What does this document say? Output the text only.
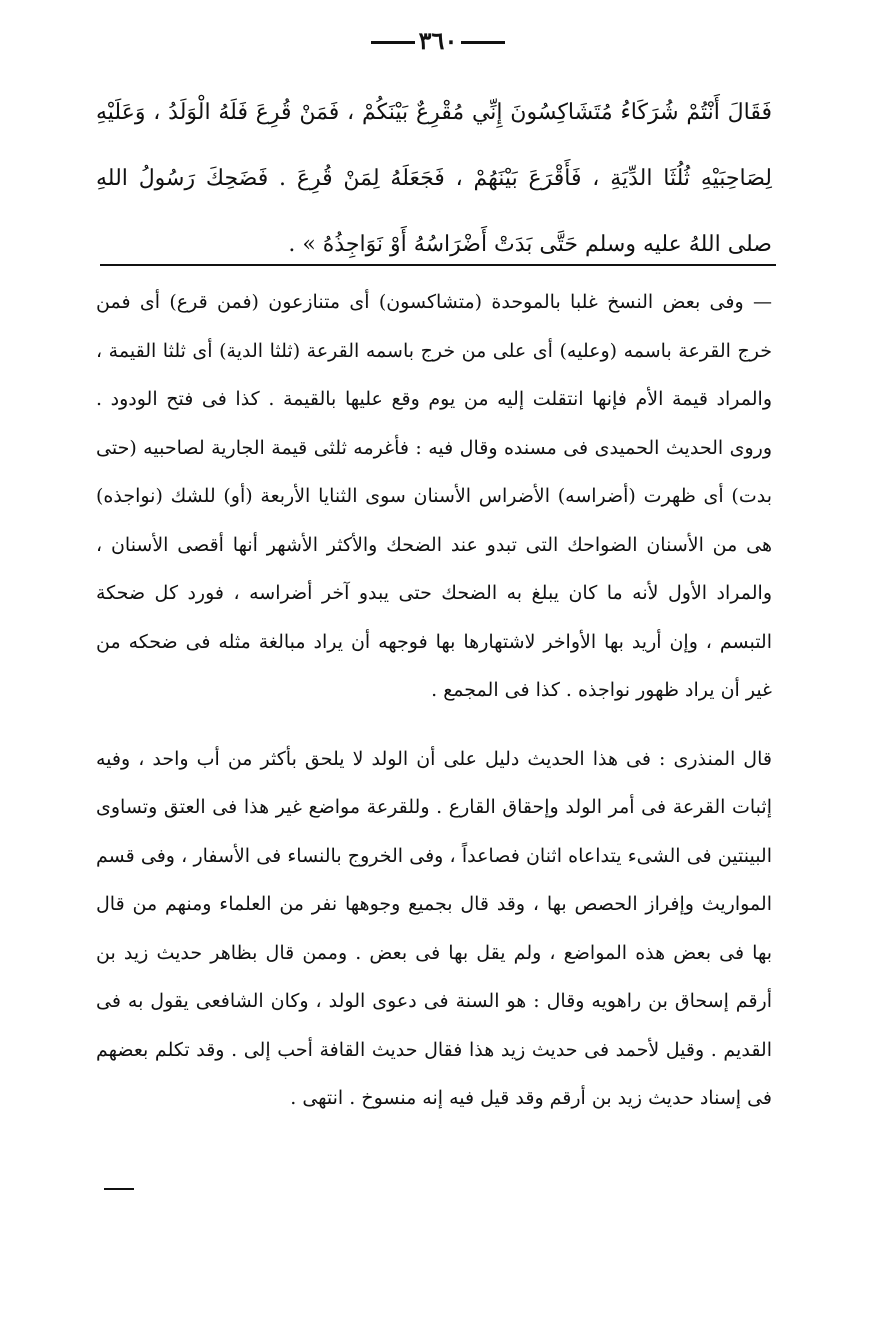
٣٦٠
فَقَالَ أَنْتُمْ شُرَكَاءُ مُتَشَاكِسُونَ إِنِّي مُقْرِعٌ بَيْنَكُمْ ، فَمَنْ قُرِعَ فَلَهُ الْوَلَدُ ، وَعَلَيْهِ لِصَاحِبَيْهِ ثُلُثَا الدِّيَةِ ، فَأَقْرَعَ بَيْنَهُمْ ، فَجَعَلَهُ لِمَنْ قُرِعَ . فَضَحِكَ رَسُولُ اللهِ صلى اللهُ عليه وسلم حَتَّى بَدَتْ أَضْرَاسُهُ أَوْ نَوَاجِذُهُ » .

— وفى بعض النسخ غلبا بالموحدة (متشاكسون) أى متنازعون (فمن قرع) أى فمن خرج القرعة باسمه (وعليه) أى على من خرج باسمه القرعة (ثلثا الدية) أى ثلثا القيمة ، والمراد قيمة الأم فإنها انتقلت إليه من يوم وقع عليها بالقيمة . كذا فى فتح الودود . وروى الحديث الحميدى فى مسنده وقال فيه : فأغرمه ثلثى قيمة الجارية لصاحبيه (حتى بدت) أى ظهرت (أضراسه) الأضراس الأسنان سوى الثنايا الأربعة (أو) للشك (نواجذه) هى من الأسنان الضواحك التى تبدو عند الضحك والأكثر الأشهر أنها أقصى الأسنان ، والمراد الأول لأنه ما كان يبلغ به الضحك حتى يبدو آخر أضراسه ، فورد كل ضحكة التبسم ، وإن أريد بها الأواخر لاشتهارها بها فوجهه أن يراد مبالغة مثله فى ضحكه من غير أن يراد ظهور نواجذه . كذا فى المجمع .

قال المنذرى : فى هذا الحديث دليل على أن الولد لا يلحق بأكثر من أب واحد ، وفيه إثبات القرعة فى أمر الولد وإحقاق القارع . وللقرعة مواضع غير هذا فى العتق وتساوى البينتين فى الشىء يتداعاه اثنان فصاعداً ، وفى الخروج بالنساء فى الأسفار ، وفى قسم المواريث وإفراز الحصص بها ، وقد قال بجميع وجوهها نفر من العلماء ومنهم من قال بها فى بعض هذه المواضع ، ولم يقل بها فى بعض . وممن قال بظاهر حديث زيد بن أرقم إسحاق بن راهويه وقال : هو السنة فى دعوى الولد ، وكان الشافعى يقول به فى القديم . وقيل لأحمد فى حديث زيد هذا فقال حديث القافة أحب إلى . وقد تكلم بعضهم فى إسناد حديث زيد بن أرقم وقد قيل فيه إنه منسوخ . انتهى .
